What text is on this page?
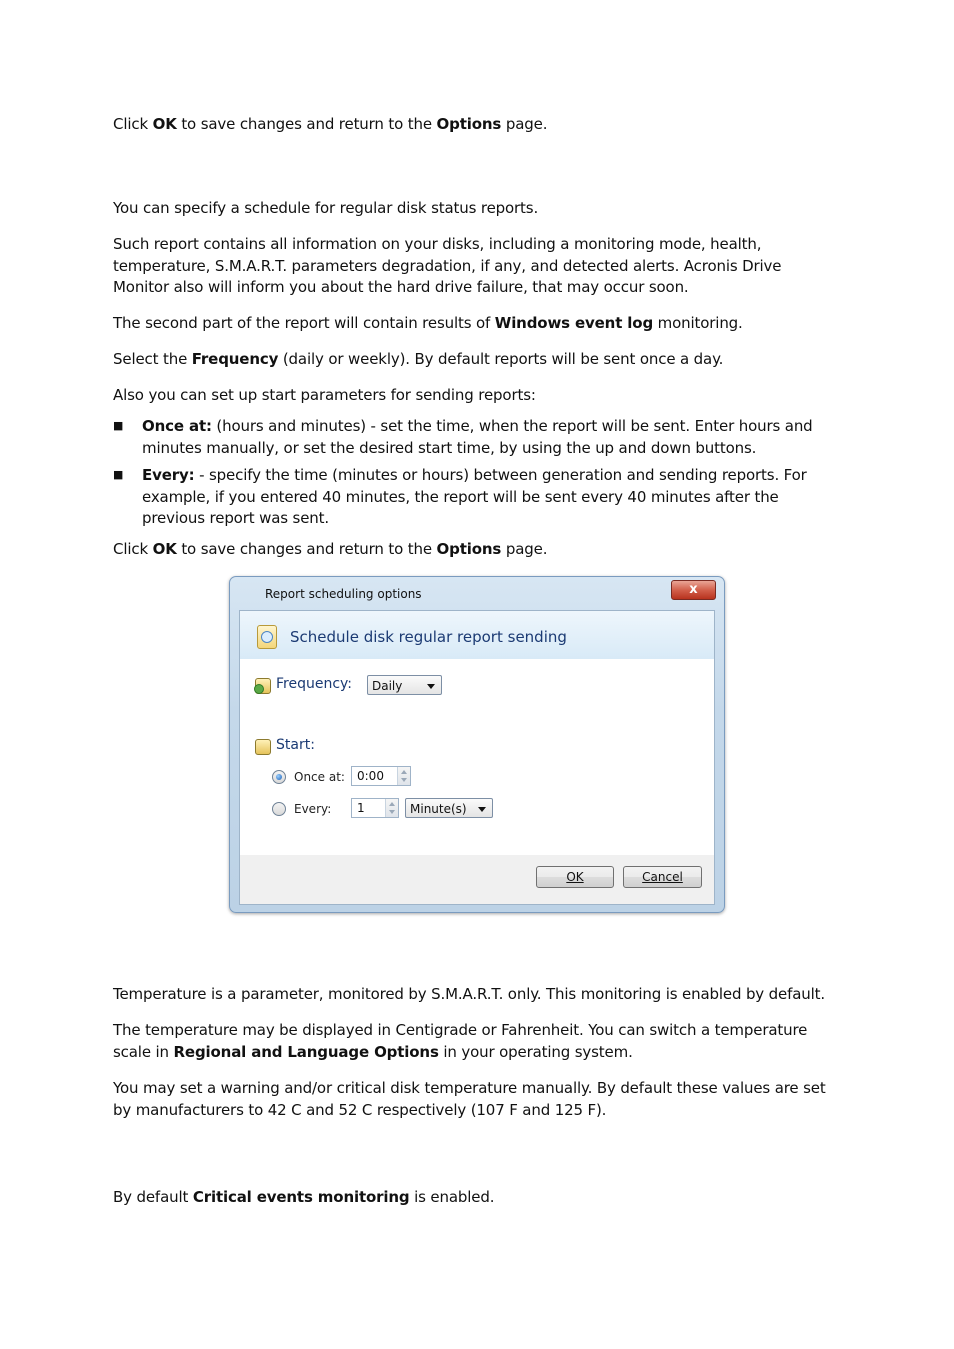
Click OK to save changes and return to the Options page.

You can specify a schedule for regular disk status reports.

Such report contains all information on your disks, including a monitoring mode, health, temperature, S.M.A.R.T. parameters degradation, if any, and detected alerts. Acronis Drive Monitor also will inform you about the hard drive failure, that may occur soon.

The second part of the report will contain results of Windows event log monitoring.

Select the Frequency (daily or weekly). By default reports will be sent once a day.

Also you can set up start parameters for sending reports:

■ Once at: (hours and minutes) - set the time, when the report will be sent. Enter hours and minutes manually, or set the desired start time, by using the up and down buttons.

■ Every: - specify the time (minutes or hours) between generation and sending reports. For example, if you entered 40 minutes, the report will be sent every 40 minutes after the previous report was sent.

Click OK to save changes and return to the Options page.

Report scheduling options	x
Schedule disk regular report sending
Frequency:	Daily
Start:
Once at:	0:00
Every:	1	Minute(s)
OK	Cancel

Temperature is a parameter, monitored by S.M.A.R.T. only. This monitoring is enabled by default.

The temperature may be displayed in Centigrade or Fahrenheit. You can switch a temperature scale in Regional and Language Options in your operating system.

You may set a warning and/or critical disk temperature manually. By default these values are set by manufacturers to 42 C and 52 C respectively (107 F and 125 F).

By default Critical events monitoring is enabled.
